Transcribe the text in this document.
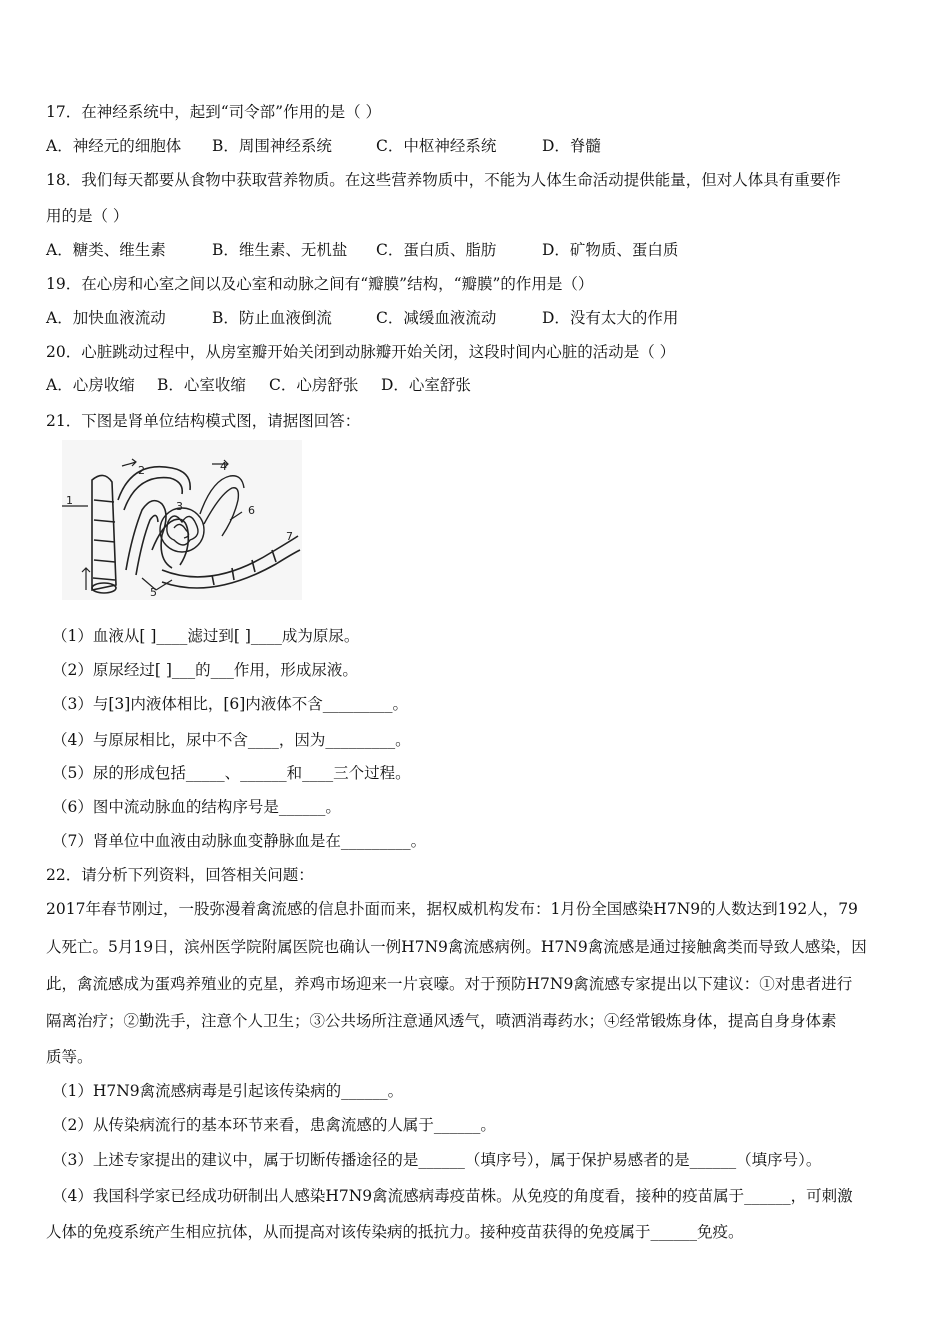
17．在神经系统中，起到“司令部”作用的是（ ）
A．神经元的细胞体 B．周围神经系统	C．中枢神经系统	D．脊髓
18．我们每天都要从食物中获取营养物质。在这些营养物质中，不能为人体生命活动提供能量，但对人体具有重要作
用的是（ ）
A．糖类、维生素	B．维生素、无机盐 C．蛋白质、脂肪	D．矿物质、蛋白质
19．在心房和心室之间以及心室和动脉之间有“瓣膜”结构，“瓣膜”的作用是（）
A．加快血液流动	B．防止血液倒流	C．减缓血液流动	D．没有太大的作用
20．心脏跳动过程中，从房室瓣开始关闭到动脉瓣开始关闭，这段时间内心脏的活动是（ ）
A．心房收缩 B．心室收缩 C．心房舒张 D．心室舒张
21．下图是肾单位结构模式图，请据图回答：
1
2
3
4
5
6
7
（1）血液从[ ]____滤过到[ ]____成为原尿。
（2）原尿经过[ ]___的___作用，形成尿液。
（3）与[3]内液体相比，[6]内液体不含_________。
（4）与原尿相比，尿中不含____，因为_________。
（5）尿的形成包括_____、______和____三个过程。
（6）图中流动脉血的结构序号是______。
（7）肾单位中血液由动脉血变静脉血是在_________。
22．请分析下列资料，回答相关问题：
2017年春节刚过，一股弥漫着禽流感的信息扑面而来，据权威机构发布：1月份全国感染H7N9的人数达到192人，79
人死亡。5月19日，滨州医学院附属医院也确认一例H7N9禽流感病例。H7N9禽流感是通过接触禽类而导致人感染，因
此，禽流感成为蛋鸡养殖业的克星，养鸡市场迎来一片哀嚎。对于预防H7N9禽流感专家提出以下建议：①对患者进行
隔离治疗；②勤洗手，注意个人卫生；③公共场所注意通风透气，喷洒消毒药水；④经常锻炼身体，提高自身身体素
质等。
（1）H7N9禽流感病毒是引起该传染病的______。
（2）从传染病流行的基本环节来看，患禽流感的人属于______。
（3）上述专家提出的建议中，属于切断传播途径的是______（填序号），属于保护易感者的是______（填序号）。
（4）我国科学家已经成功研制出人感染H7N9禽流感病毒疫苗株。从免疫的角度看，接种的疫苗属于______，可刺激
人体的免疫系统产生相应抗体，从而提高对该传染病的抵抗力。接种疫苗获得的免疫属于______免疫。
